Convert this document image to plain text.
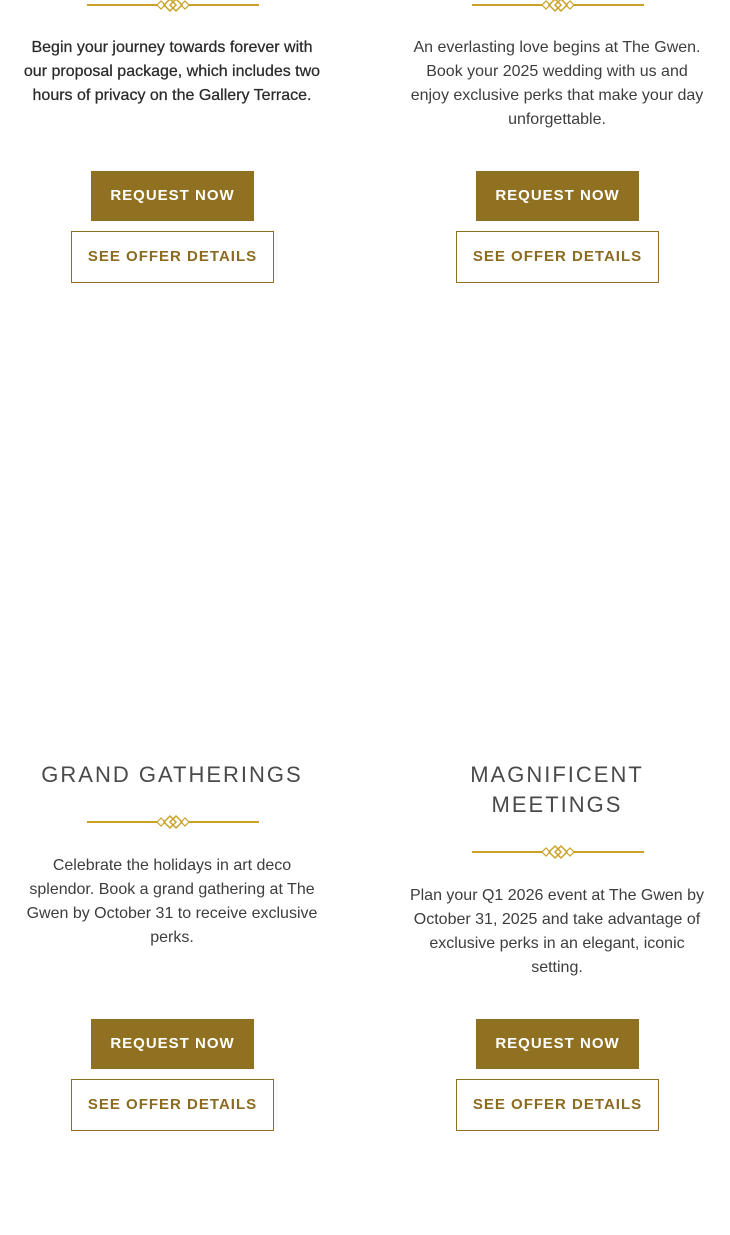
Begin your journey towards forever with our proposal package, which includes two hours of privacy on the Gallery Terrace.

REQUEST NOW
SEE OFFER DETAILS

An everlasting love begins at The Gwen. Book your 2025 wedding with us and enjoy exclusive perks that make your day unforgettable.

REQUEST NOW
SEE OFFER DETAILS
GRAND GATHERINGS

Celebrate the holidays in art deco splendor. Book a grand gathering at The Gwen by October 31 to receive exclusive perks.

REQUEST NOW
SEE OFFER DETAILS
MAGNIFICENT MEETINGS

Plan your Q1 2026 event at The Gwen by October 31, 2025 and take advantage of exclusive perks in an elegant, iconic setting.

REQUEST NOW
SEE OFFER DETAILS
